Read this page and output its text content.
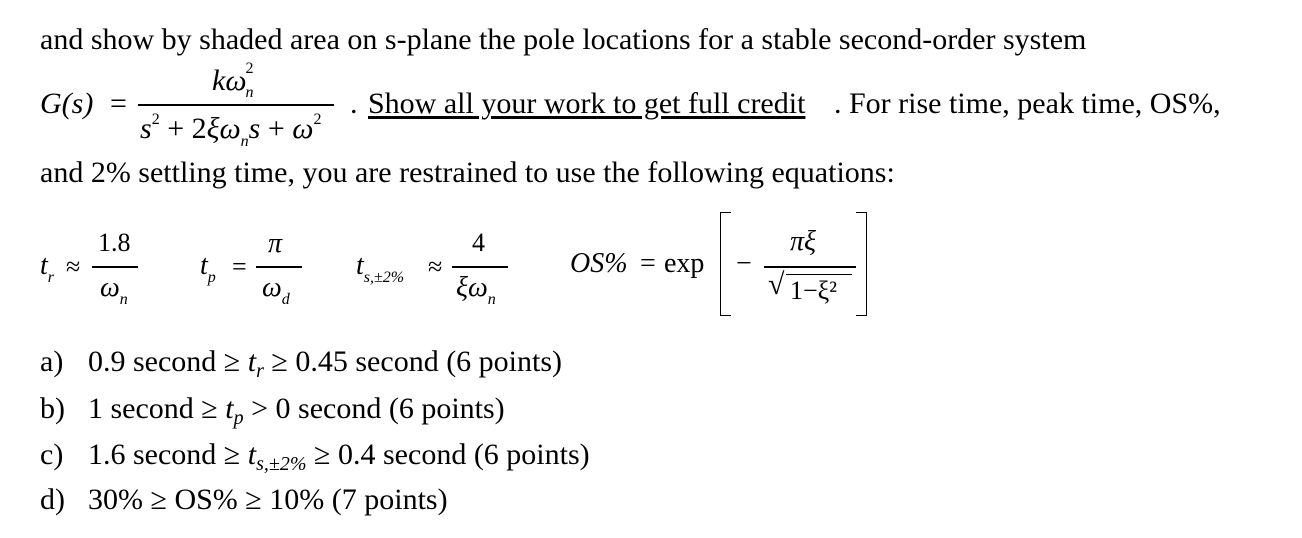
and show by shaded area on s-plane the pole locations for a stable second-order system
G(s) =
kω 2
n
$s^2 + 2\xi\omega_ns + \omega^2$ . Show all your work to get full credit . For rise time, peak time, OS%,
and 2% settling time, you are restrained to use the following equations:
$t_r$ ≈
1.8
$\omega_n$
$t_p$ =
π
$\omega_d$
$t_{s,\pm 2\%}$ ≈
4
$\xi\omega_n$
OS% = exp −
πξ
√ 1−ξ²
a) 0.9 second ≥ $t_r \ge 0.45$ second (6 points)
b) 1 second ≥ $t_p > 0$ second (6 points)
c) 1.6 second ≥ $t_{s,\pm 2\%} \ge 0.4$ second (6 points)
d) 30% ≥ OS% ≥ 10% (7 points)
